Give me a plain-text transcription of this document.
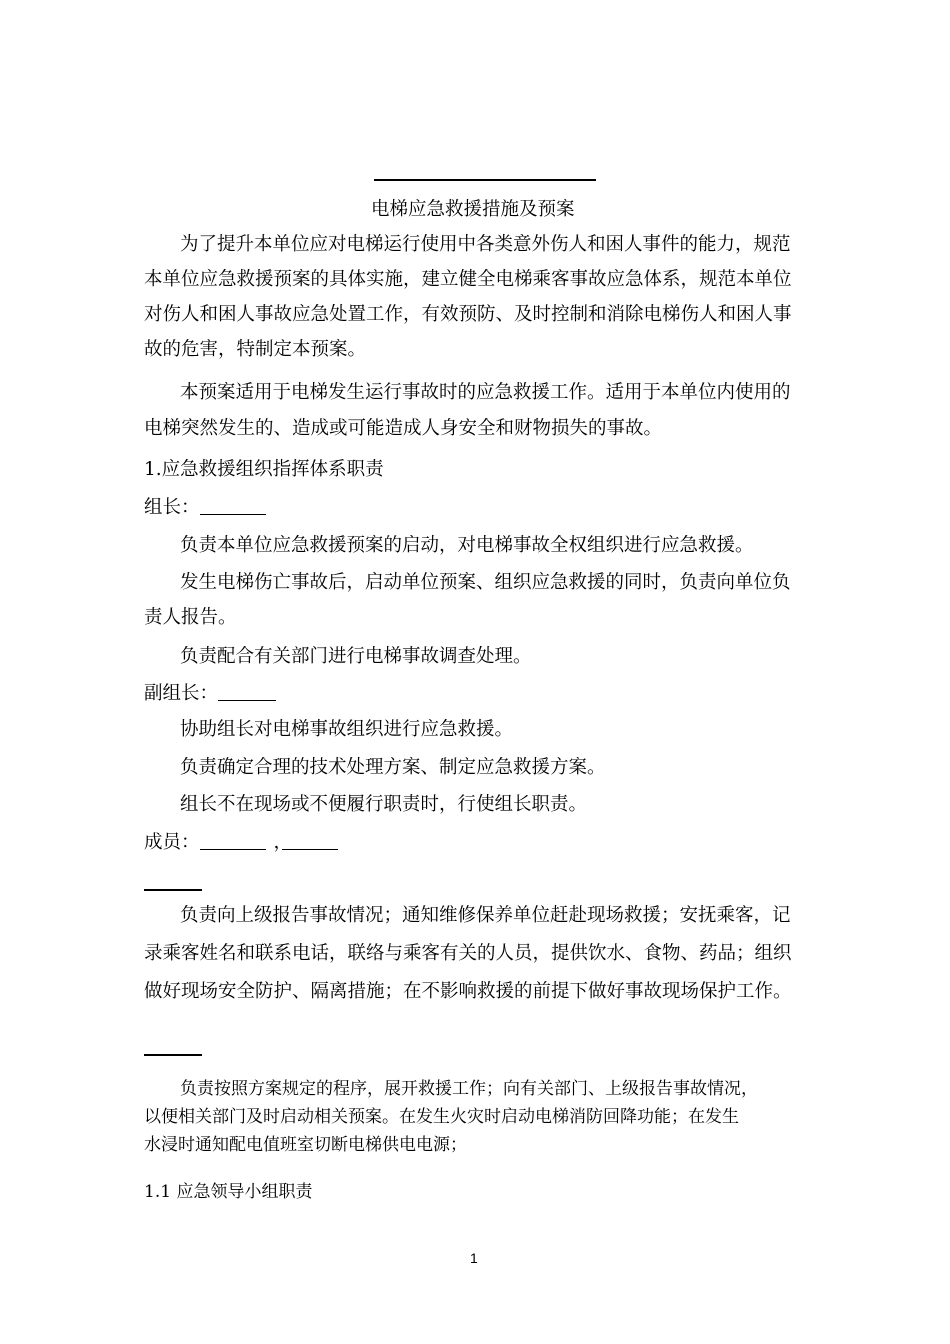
电梯应急救援措施及预案
为了提升本单位应对电梯运行使用中各类意外伤人和困人事件的能力，规范
本单位应急救援预案的具体实施，建立健全电梯乘客事故应急体系，规范本单位
对伤人和困人事故应急处置工作，有效预防、及时控制和消除电梯伤人和困人事
故的危害，特制定本预案。
本预案适用于电梯发生运行事故时的应急救援工作。适用于本单位内使用的
电梯突然发生的、造成或可能造成人身安全和财物损失的事故。
1.应急救援组织指挥体系职责
组长：
负责本单位应急救援预案的启动，对电梯事故全权组织进行应急救援。
发生电梯伤亡事故后，启动单位预案、组织应急救援的同时，负责向单位负
责人报告。
负责配合有关部门进行电梯事故调查处理。
副组长：
协助组长对电梯事故组织进行应急救援。
负责确定合理的技术处理方案、制定应急救援方案。
组长不在现场或不便履行职责时，行使组长职责。
成员：	，
负责向上级报告事故情况；通知维修保养单位赶赴现场救援；安抚乘客，记
录乘客姓名和联系电话，联络与乘客有关的人员，提供饮水、食物、药品；组织
做好现场安全防护、隔离措施；在不影响救援的前提下做好事故现场保护工作。
负责按照方案规定的程序，展开救援工作；向有关部门、上级报告事故情况，
以便相关部门及时启动相关预案。在发生火灾时启动电梯消防回降功能；在发生
水浸时通知配电值班室切断电梯供电电源；
1.1 应急领导小组职责
1
